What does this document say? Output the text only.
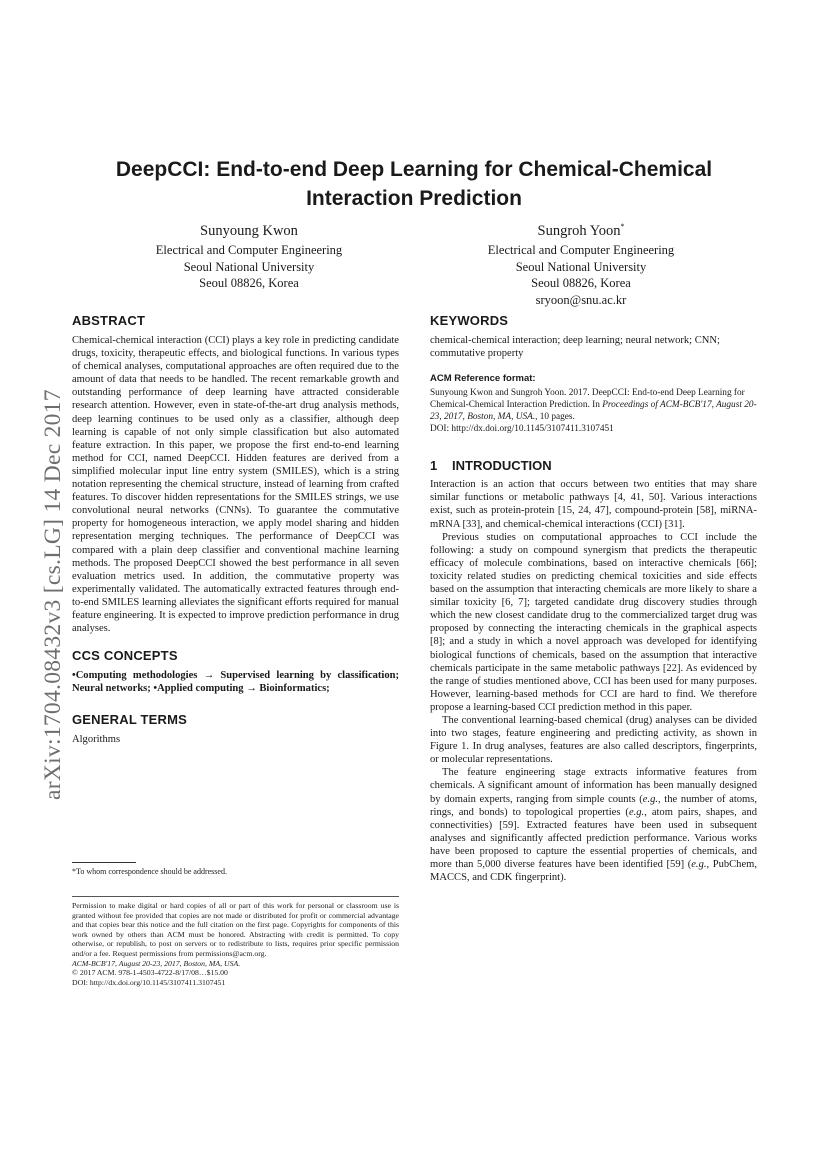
arXiv:1704.08432v3 [cs.LG] 14 Dec 2017
DeepCCI: End-to-end Deep Learning for Chemical-Chemical Interaction Prediction
Sunyoung Kwon
Electrical and Computer Engineering
Seoul National University
Seoul 08826, Korea
Sungroh Yoon*
Electrical and Computer Engineering
Seoul National University
Seoul 08826, Korea
sryoon@snu.ac.kr
ABSTRACT

Chemical-chemical interaction (CCI) plays a key role in predicting candidate drugs, toxicity, therapeutic effects, and biological functions. In various types of chemical analyses, computational approaches are often required due to the amount of data that needs to be handled. The recent remarkable growth and outstanding performance of deep learning have attracted considerable research attention. However, even in state-of-the-art drug analysis methods, deep learning continues to be used only as a classifier, although deep learning is capable of not only simple classification but also automated feature extraction. In this paper, we propose the first end-to-end learning method for CCI, named DeepCCI. Hidden features are derived from a simplified molecular input line entry system (SMILES), which is a string notation representing the chemical structure, instead of learning from crafted features. To discover hidden representations for the SMILES strings, we use convolutional neural networks (CNNs). To guarantee the commutative property for homogeneous interaction, we apply model sharing and hidden representation merging techniques. The performance of DeepCCI was compared with a plain deep classifier and conventional machine learning methods. The proposed DeepCCI showed the best performance in all seven evaluation metrics used. In addition, the commutative property was experimentally validated. The automatically extracted features through end-to-end SMILES learning alleviates the significant efforts required for manual feature engineering. It is expected to improve prediction performance in drug analyses.

CCS CONCEPTS

•Computing methodologies → Supervised learning by classification; Neural networks; •Applied computing → Bioinformatics;

GENERAL TERMS

Algorithms

*To whom correspondence should be addressed.

Permission to make digital or hard copies of all or part of this work for personal or classroom use is granted without fee provided that copies are not made or distributed for profit or commercial advantage and that copies bear this notice and the full citation on the first page. Copyrights for components of this work owned by others than ACM must be honored. Abstracting with credit is permitted. To copy otherwise, or republish, to post on servers or to redistribute to lists, requires prior specific permission and/or a fee. Request permissions from permissions@acm.org.

ACM-BCB'17, August 20-23, 2017, Boston, MA, USA.

© 2017 ACM. 978-1-4503-4722-8/17/08…$15.00

DOI: http://dx.doi.org/10.1145/3107411.3107451

KEYWORDS

chemical-chemical interaction; deep learning; neural network; CNN; commutative property

ACM Reference format:

Sunyoung Kwon and Sungroh Yoon. 2017. DeepCCI: End-to-end Deep Learning for Chemical-Chemical Interaction Prediction. In Proceedings of ACM-BCB'17, August 20-23, 2017, Boston, MA, USA., 10 pages.
DOI: http://dx.doi.org/10.1145/3107411.3107451

1 INTRODUCTION

Interaction is an action that occurs between two entities that may share similar functions or metabolic pathways [4, 41, 50]. Various interactions exist, such as protein-protein [15, 24, 47], compound-protein [58], miRNA-mRNA [33], and chemical-chemical interactions (CCI) [31].

Previous studies on computational approaches to CCI include the following: a study on compound synergism that predicts the therapeutic efficacy of molecule combinations, based on interactive chemicals [66]; toxicity related studies on predicting chemical toxicities and side effects based on the assumption that interacting chemicals are more likely to share a similar toxicity [6, 7]; targeted candidate drug discovery studies through which the new closest candidate drug to the commercialized target drug was proposed by connecting the interacting chemicals in the graphical aspects [8]; and a study in which a novel approach was developed for identifying biological functions of chemicals, based on the assumption that interactive chemicals participate in the same metabolic pathways [22]. As evidenced by the range of studies mentioned above, CCI has been used for many purposes. However, learning-based methods for CCI are hard to find. We therefore propose a learning-based CCI prediction method in this paper.

The conventional learning-based chemical (drug) analyses can be divided into two stages, feature engineering and predicting activity, as shown in Figure 1. In drug analyses, features are also called descriptors, fingerprints, or molecular representations.

The feature engineering stage extracts informative features from chemicals. A significant amount of information has been manually designed by domain experts, ranging from simple counts (e.g., the number of atoms, rings, and bonds) to topological properties (e.g., atom pairs, shapes, and connectivities) [59]. Extracted features have been used in subsequent analyses and significantly affected prediction performance. Various works have been proposed to capture the essential properties of chemicals, and more than 5,000 diverse features have been identified [59] (e.g., PubChem, MACCS, and CDK fingerprint).
